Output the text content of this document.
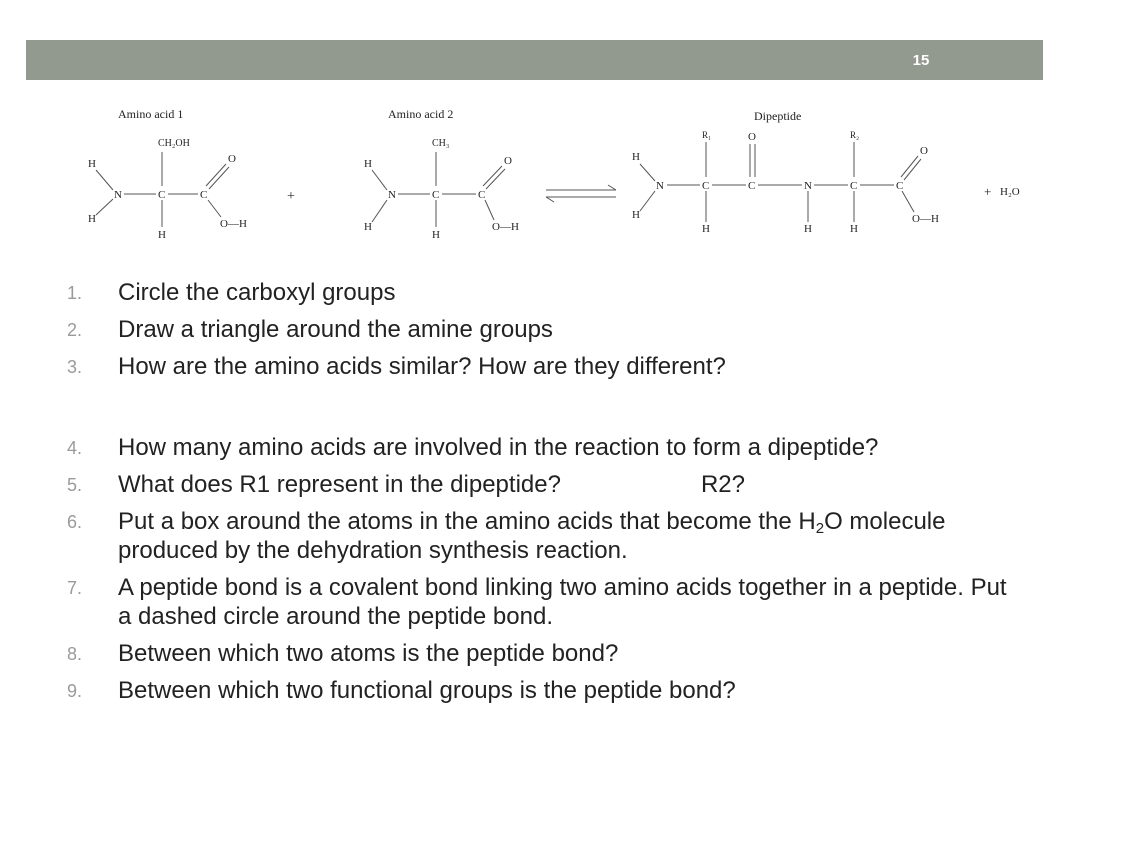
15
Amino acid 1
CH₂OH
H
N
H
C	C
O
H
O—H
+
Amino acid 2
CH₃
H
N
H
C	C
O
H
O—H
Dipeptide
R₁	R₂
H
N
H
C
O
C	N	C	C
O
H	H	H
O—H
+ H₂O
1. Circle the carboxyl groups
2. Draw a triangle around the amine groups
3. How are the amino acids similar? How are they different?
4. How many amino acids are involved in the reaction to form a dipeptide?
5. What does R1 represent in the dipeptide?	R2?
6. Put a box around the atoms in the amino acids that become the $H_2O$ molecule produced by the dehydration synthesis reaction.
7. A peptide bond is a covalent bond linking two amino acids together in a peptide. Put a dashed circle around the peptide bond.
8. Between which two atoms is the peptide bond?
9. Between which two functional groups is the peptide bond?
